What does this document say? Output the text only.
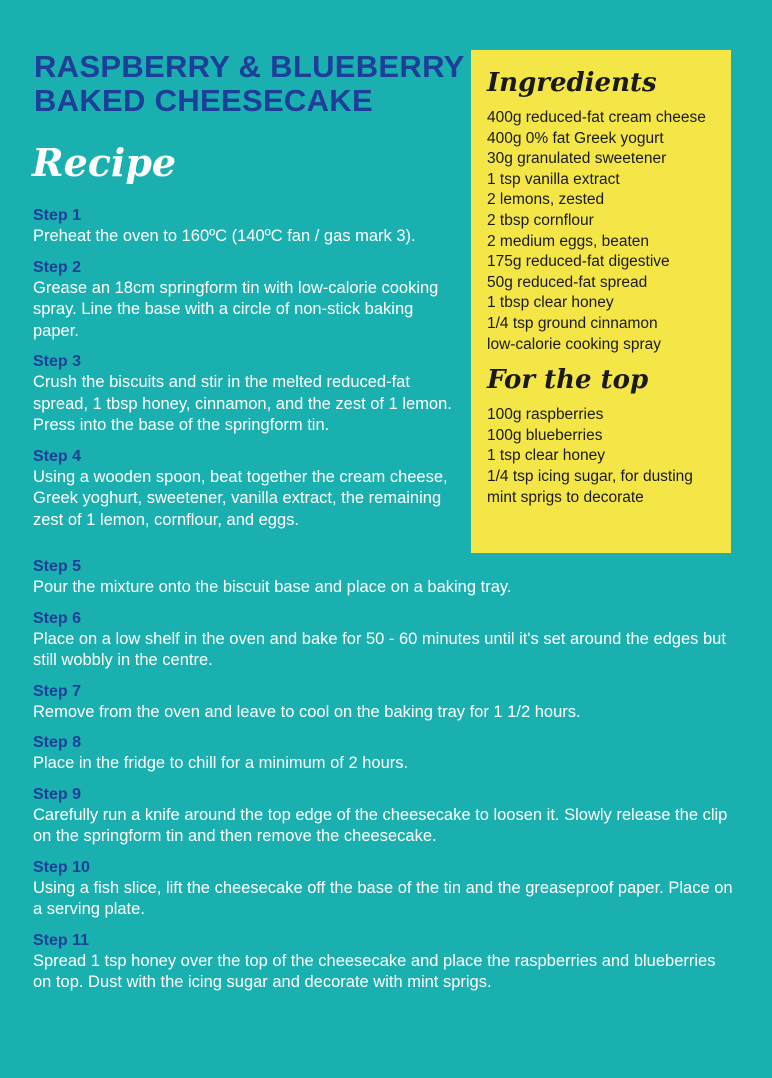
RASPBERRY & BLUEBERRY
BAKED CHEESECAKE
Recipe
Step 1
Preheat the oven to 160ºC (140ºC fan / gas mark 3).
Step 2
Grease an 18cm springform tin with low-calorie cooking spray. Line the base with a circle of non-stick baking paper.
Step 3
Crush the biscuits and stir in the melted reduced-fat spread, 1 tbsp honey, cinnamon, and the zest of 1 lemon. Press into the base of the springform tin.
Step 4
Using a wooden spoon, beat together the cream cheese, Greek yoghurt, sweetener, vanilla extract, the remaining zest of 1 lemon, cornflour, and eggs.
Step 5
Pour the mixture onto the biscuit base and place on a baking tray.
Step 6
Place on a low shelf in the oven and bake for 50 - 60 minutes until it's set around the edges but still wobbly in the centre.
Step 7
Remove from the oven and leave to cool on the baking tray for 1 1/2 hours.
Step 8
Place in the fridge to chill for a minimum of 2 hours.
Step 9
Carefully run a knife around the top edge of the cheesecake to loosen it. Slowly release the clip on the springform tin and then remove the cheesecake.
Step 10
Using a fish slice, lift the cheesecake off the base of the tin and the greaseproof paper. Place on a serving plate.
Step 11
Spread 1 tsp honey over the top of the cheesecake and place the raspberries and blueberries on top. Dust with the icing sugar and decorate with mint sprigs.
Ingredients
400g reduced-fat cream cheese
400g 0% fat Greek yogurt
30g granulated sweetener
1 tsp vanilla extract
2 lemons, zested
2 tbsp cornflour
2 medium eggs, beaten
175g reduced-fat digestive
50g reduced-fat spread
1 tbsp clear honey
1/4 tsp ground cinnamon
low-calorie cooking spray
For the top
100g raspberries
100g blueberries
1 tsp clear honey
1/4 tsp icing sugar, for dusting
mint sprigs to decorate
